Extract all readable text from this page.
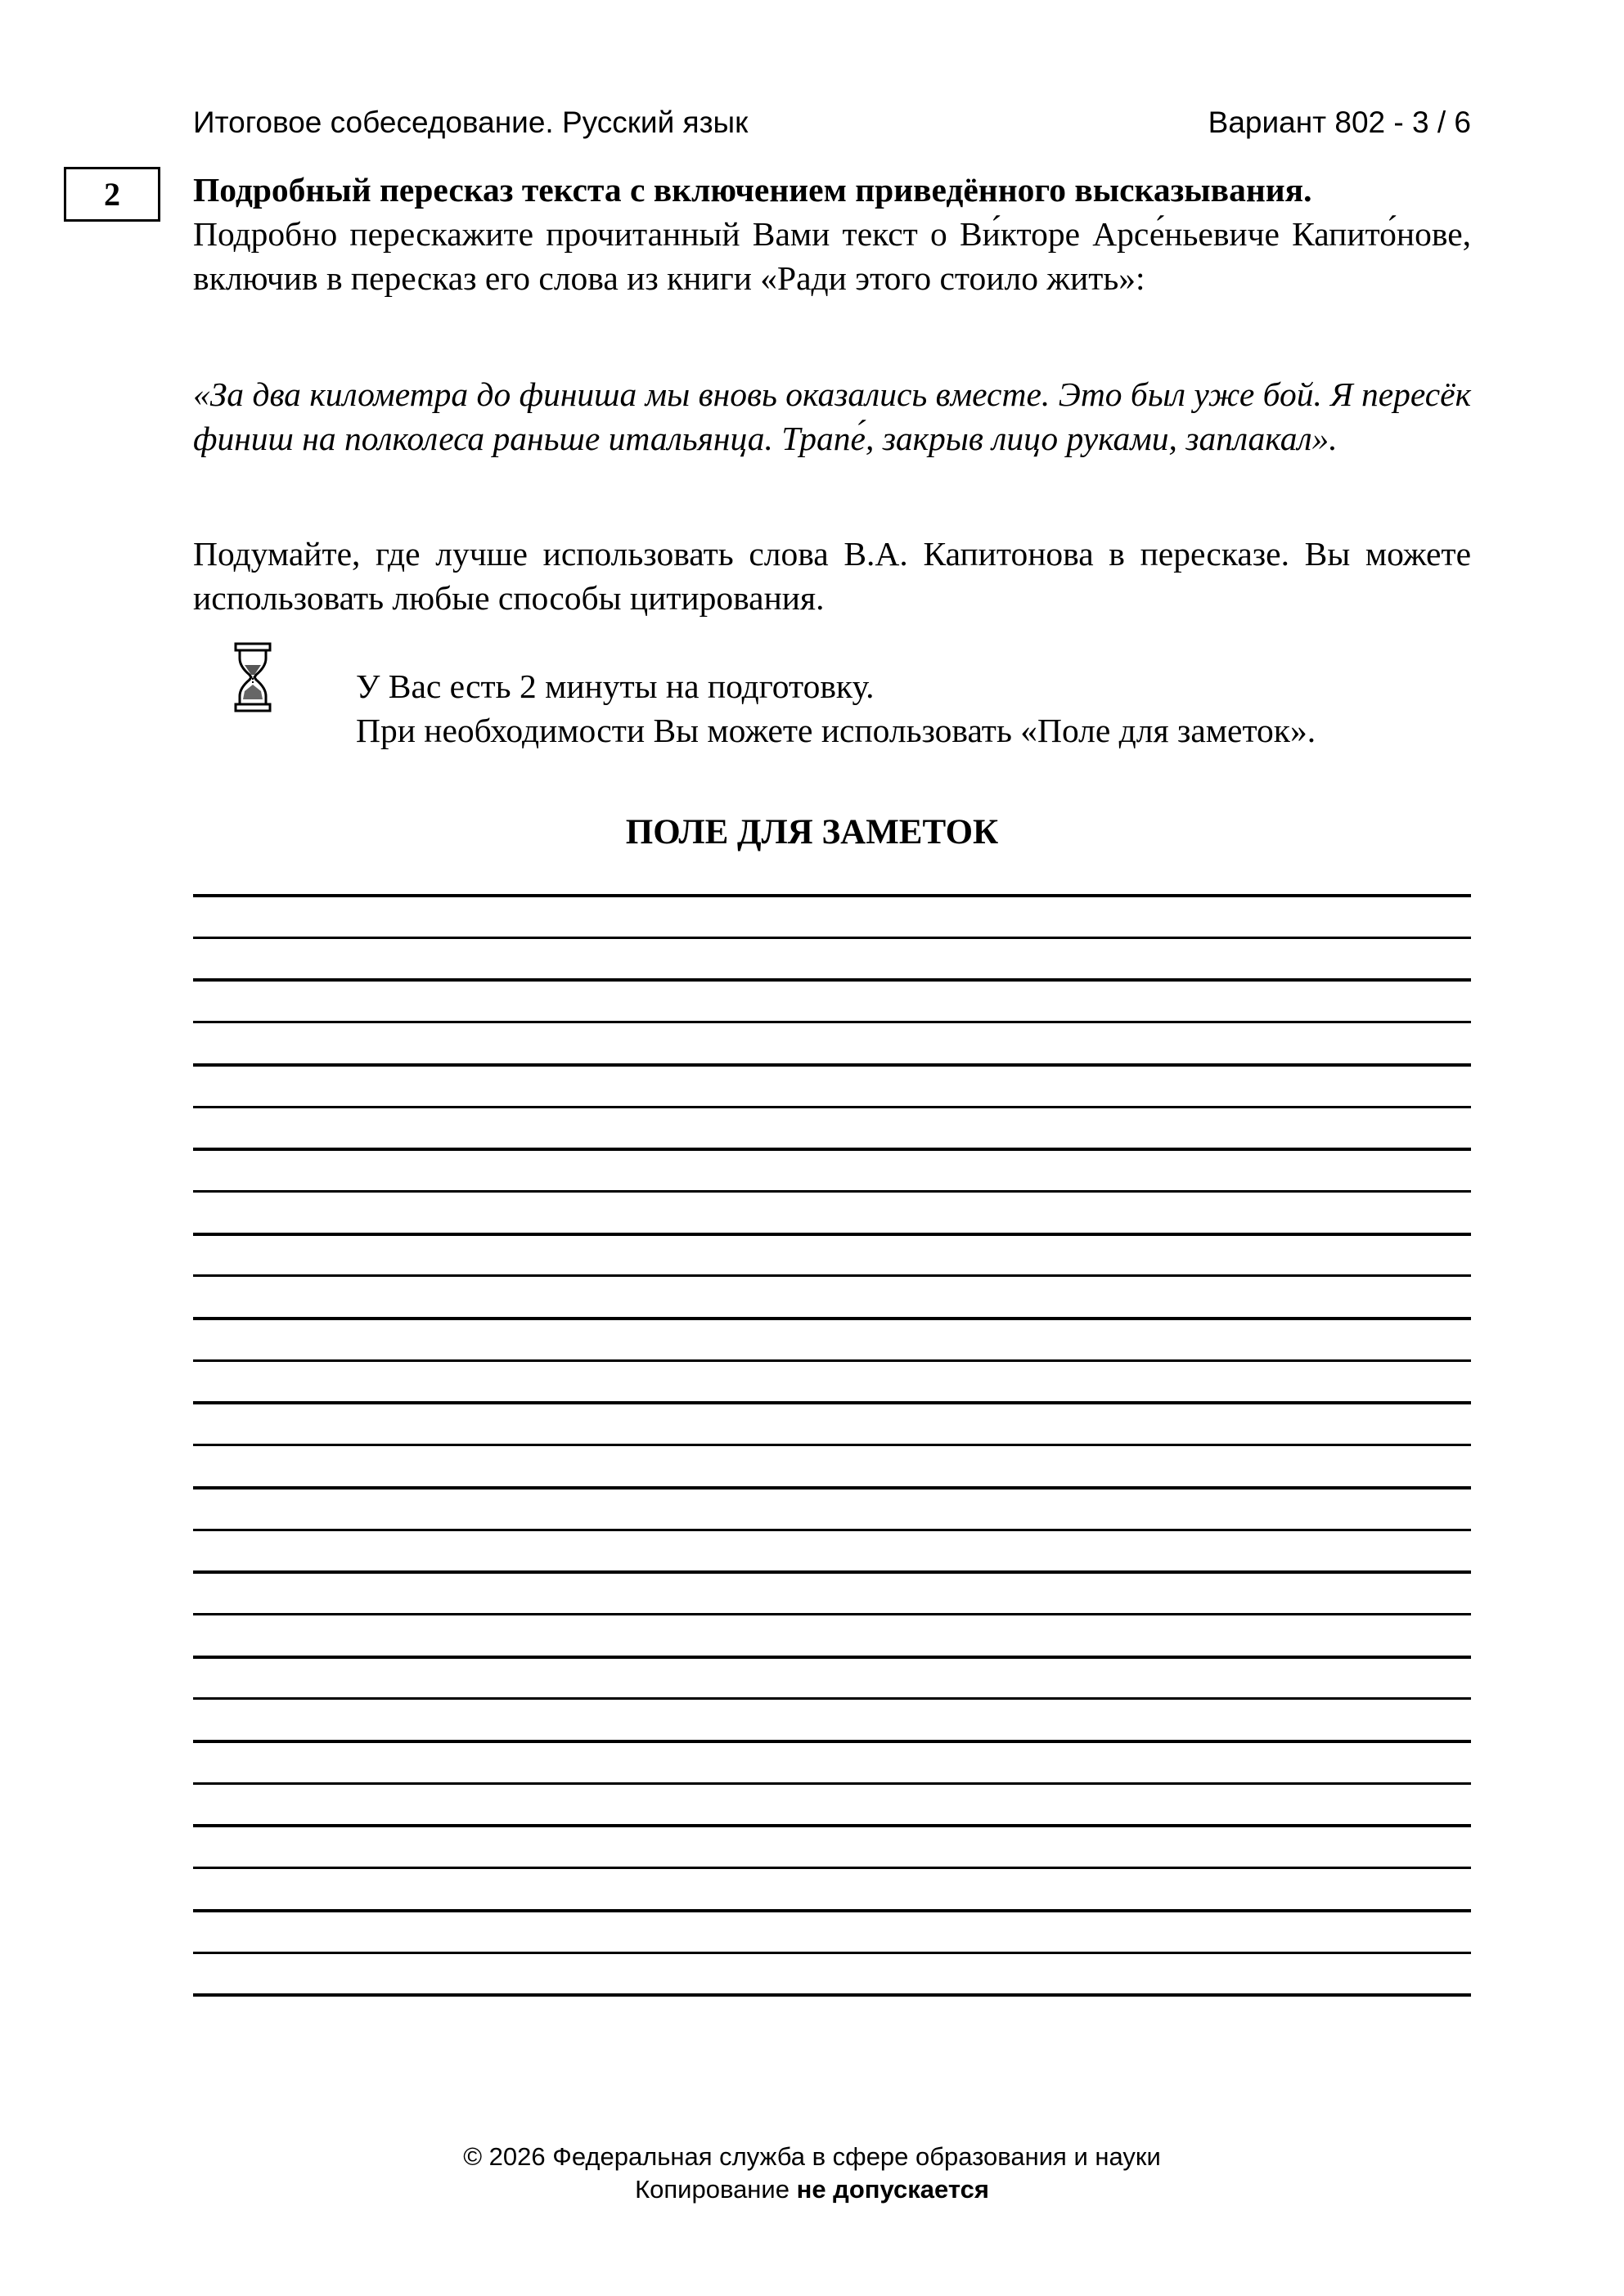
Итоговое собеседование. Русский язык	Вариант 802 - 3 / 6
2	Подробный пересказ текста с включением приведённого высказывания.
Подробно перескажите прочитанный Вами текст о Ви́кторе Арсе́ньевиче Капито́нове, включив в пересказ его слова из книги «Ради этого стоило жить»:
«За два километра до финиша мы вновь оказались вместе. Это был уже бой. Я пересёк финиш на полколеса раньше итальянца. Трапе́, закрыв лицо руками, заплакал».
Подумайте, где лучше использовать слова В.А. Капитонова в пересказе. Вы можете использовать любые способы цитирования.
У Вас есть 2 минуты на подготовку.
При необходимости Вы можете использовать «Поле для заметок».
ПОЛЕ ДЛЯ ЗАМЕТОК
© 2026 Федеральная служба в сфере образования и науки
Копирование не допускается
